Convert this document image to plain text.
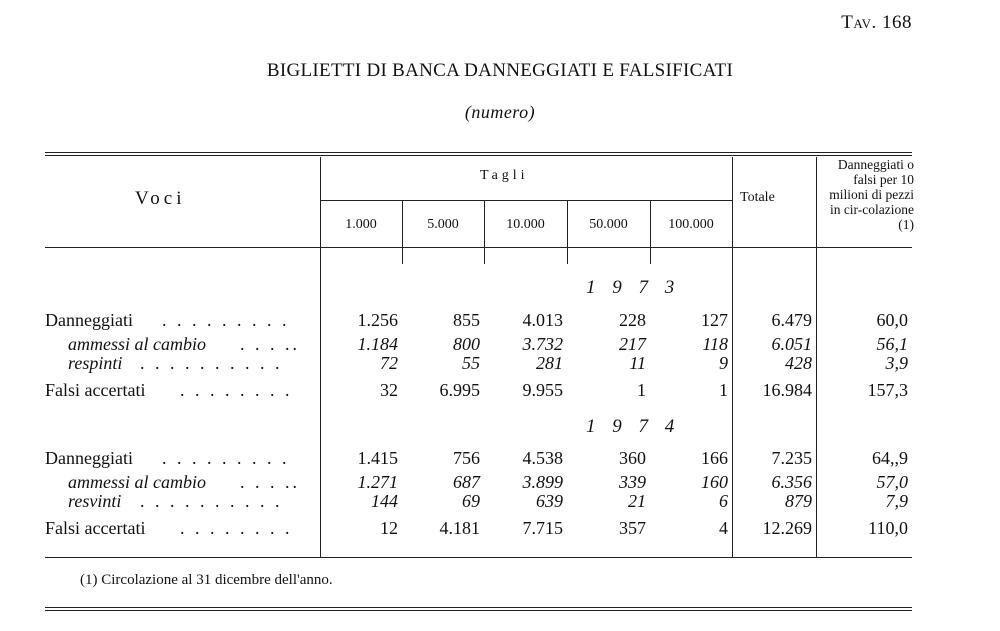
Tav. 168
BIGLIETTI DI BANCA DANNEGGIATI E FALSIFICATI
(numero)
Voci
Tagli
1.000	5.000	10.000	50.000	100.000
Totale
Danneggiati o falsi per 10 milioni di pezzi in cir-colazione (1)
1 9 7 3
Danneggiati . . . . . . . . .	1.256	855	4.013	228	127	6.479	60,0
ammessi al cambio . . . ..	1.184	800	3.732	217	118	6.051	56,1
respinti . . . . . . . . . .	72	55	281	11	9	428	3,9
Falsi accertati . . . . . . . .	32	6.995	9.955	1	1	16.984	157,3
1 9 7 4
Danneggiati . . . . . . . . .	1.415	756	4.538	360	166	7.235	64,,9
ammessi al cambio . . . ..	1.271	687	3.899	339	160	6.356	57,0
resvinti . . . . . . . . . .	144	69	639	21	6	879	7,9
Falsi accertati . . . . . . . .	12	4.181	7.715	357	4	12.269	110,0
(1) Circolazione al 31 dicembre dell'anno.
